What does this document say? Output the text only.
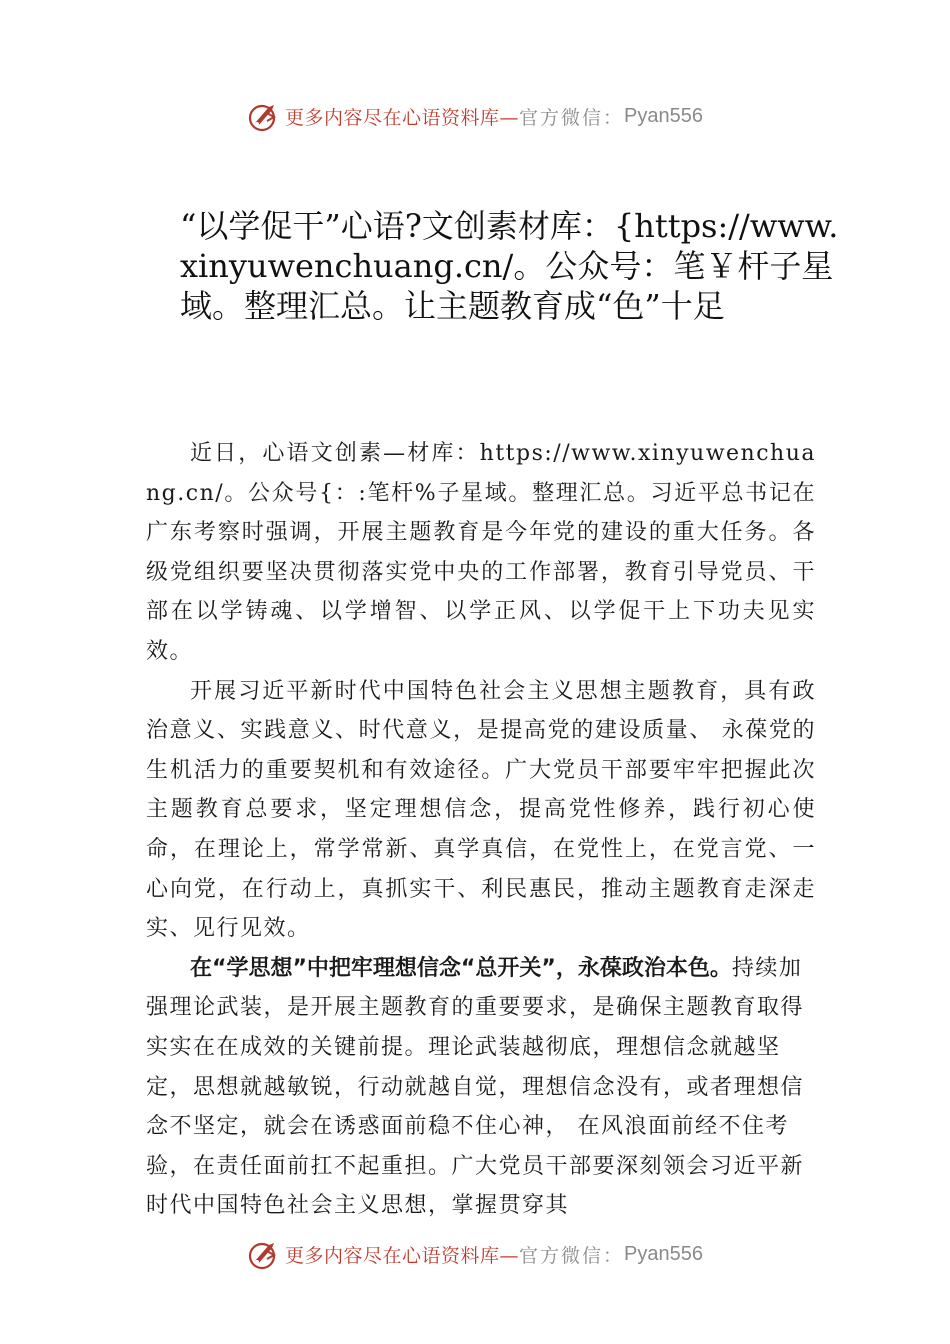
更多内容尽在心语资料库— 官方微信： Pyan556
“以学促干”心语?文创素材库：{https://www.xinyuwenchuang.cn/。公众号：笔￥杆子星域。整理汇总。让主题教育成“色”十足

近日，心语文创素—材库：https://www.xinyuwenchuang.cn/。公众号{：:笔杆%子星域。整理汇总。习近平总书记在广东考察时强调，开展主题教育是今年党的建设的重大任务。各级党组织要坚决贯彻落实党中央的工作部署，教育引导党员、干部在以学铸魂、以学增智、以学正风、以学促干上下功夫见实效。

开展习近平新时代中国特色社会主义思想主题教育，具有政治意义、实践意义、时代意义，是提高党的建设质量、 永葆党的生机活力的重要契机和有效途径。广大党员干部要牢牢把握此次主题教育总要求，坚定理想信念，提高党性修养，践行初心使命，在理论上，常学常新、真学真信，在党性上，在党言党、一心向党，在行动上，真抓实干、利民惠民，推动主题教育走深走实、见行见效。

在“学思想”中把牢理想信念“总开关”，永葆政治本色。持续加强理论武装，是开展主题教育的重要要求，是确保主题教育取得实实在在成效的关键前提。理论武装越彻底，理想信念就越坚定，思想就越敏锐，行动就越自觉，理想信念没有，或者理想信念不坚定，就会在诱惑面前稳不住心神， 在风浪面前经不住考验，在责任面前扛不起重担。广大党员干部要深刻领会习近平新时代中国特色社会主义思想，掌握贯穿其

更多内容尽在心语资料库— 官方微信： Pyan556
